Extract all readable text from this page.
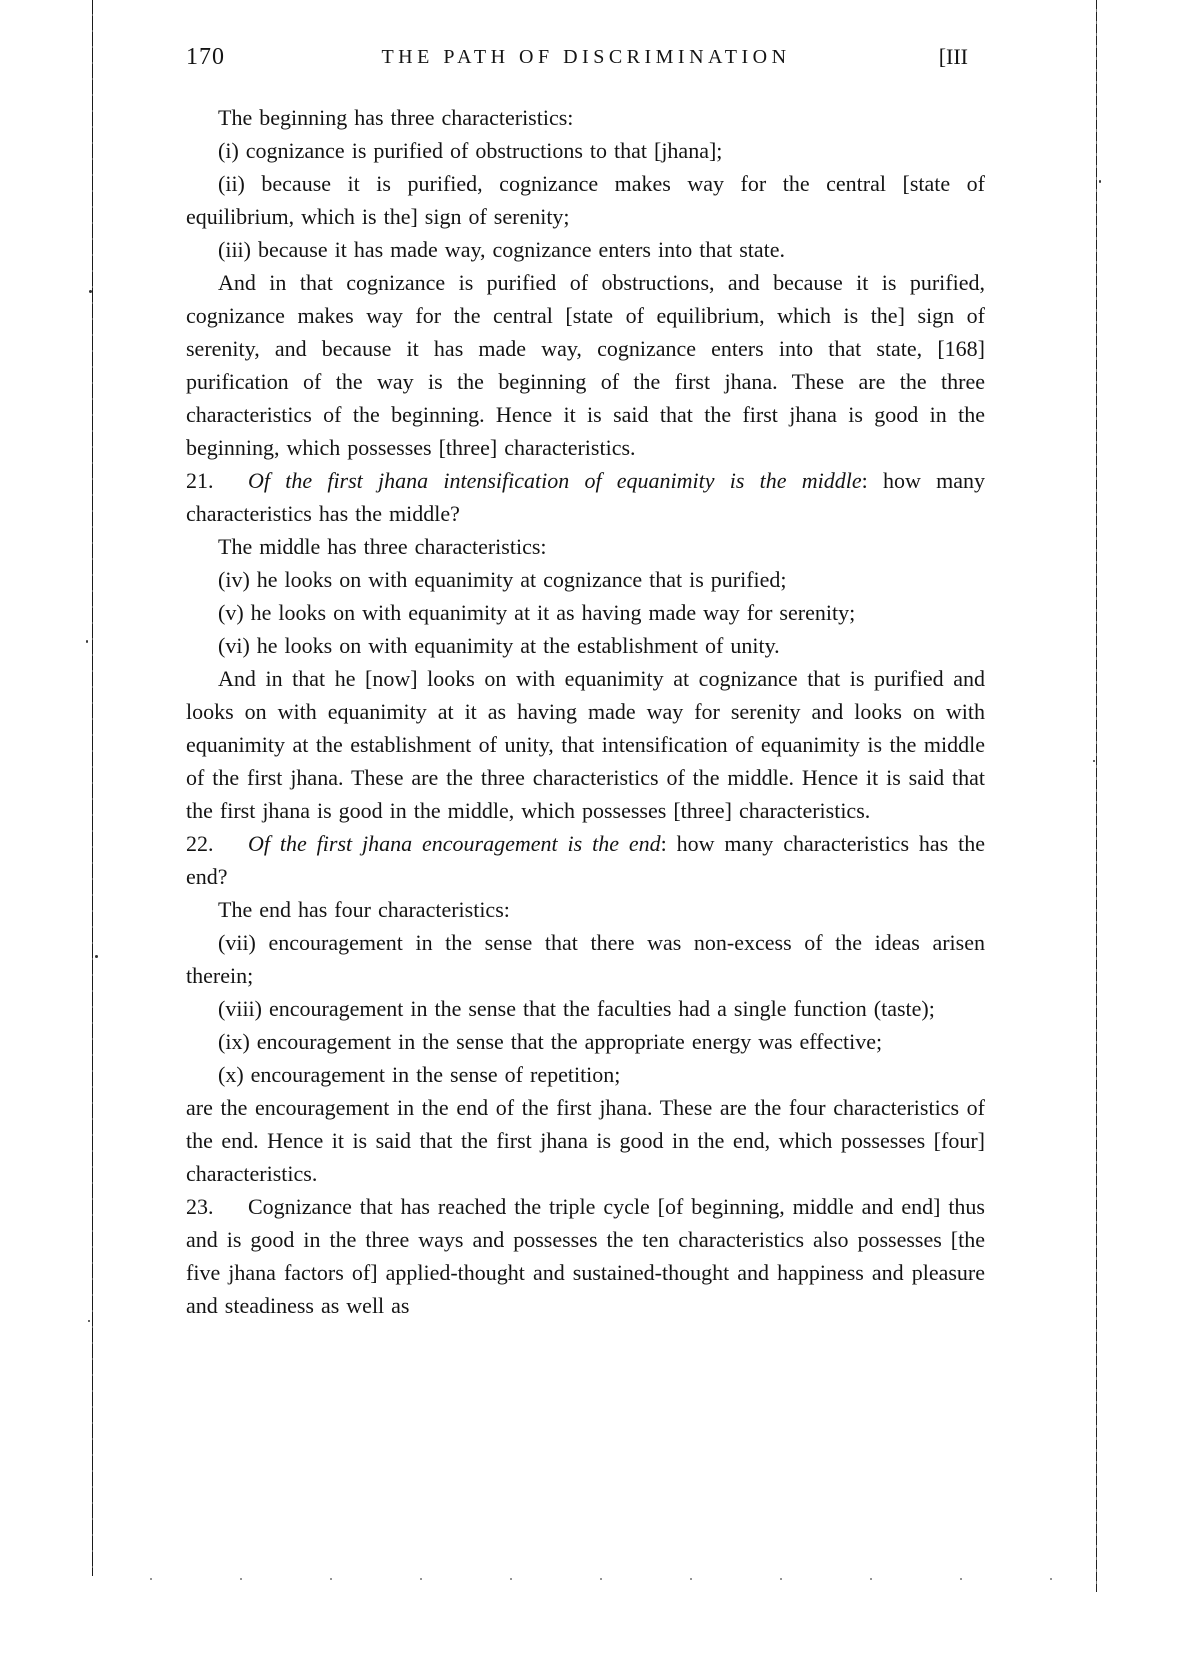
170	THE PATH OF DISCRIMINATION	[III

The beginning has three characteristics:

(i) cognizance is purified of obstructions to that [jhana];

(ii) because it is purified, cognizance makes way for the central [state of equilibrium, which is the] sign of serenity;

(iii) because it has made way, cognizance enters into that state.

And in that cognizance is purified of obstructions, and because it is purified, cognizance makes way for the central [state of equilibrium, which is the] sign of serenity, and because it has made way, cognizance enters into that state, [168] purification of the way is the beginning of the first jhana. These are the three characteristics of the beginning. Hence it is said that the first jhana is good in the beginning, which possesses [three] characteristics.

21. Of the first jhana intensification of equanimity is the middle: how many characteristics has the middle?

The middle has three characteristics:

(iv) he looks on with equanimity at cognizance that is purified;

(v) he looks on with equanimity at it as having made way for serenity;

(vi) he looks on with equanimity at the establishment of unity.

And in that he [now] looks on with equanimity at cognizance that is purified and looks on with equanimity at it as having made way for serenity and looks on with equanimity at the establishment of unity, that intensification of equanimity is the middle of the first jhana. These are the three characteristics of the middle. Hence it is said that the first jhana is good in the middle, which possesses [three] characteristics.

22. Of the first jhana encouragement is the end: how many characteristics has the end?

The end has four characteristics:

(vii) encouragement in the sense that there was non-excess of the ideas arisen therein;

(viii) encouragement in the sense that the faculties had a single function (taste);

(ix) encouragement in the sense that the appropriate energy was effective;

(x) encouragement in the sense of repetition;

are the encouragement in the end of the first jhana. These are the four characteristics of the end. Hence it is said that the first jhana is good in the end, which possesses [four] characteristics.

23. Cognizance that has reached the triple cycle [of beginning, middle and end] thus and is good in the three ways and possesses the ten characteristics also possesses [the five jhana factors of] applied-thought and sustained-thought and happiness and pleasure and steadiness as well as
